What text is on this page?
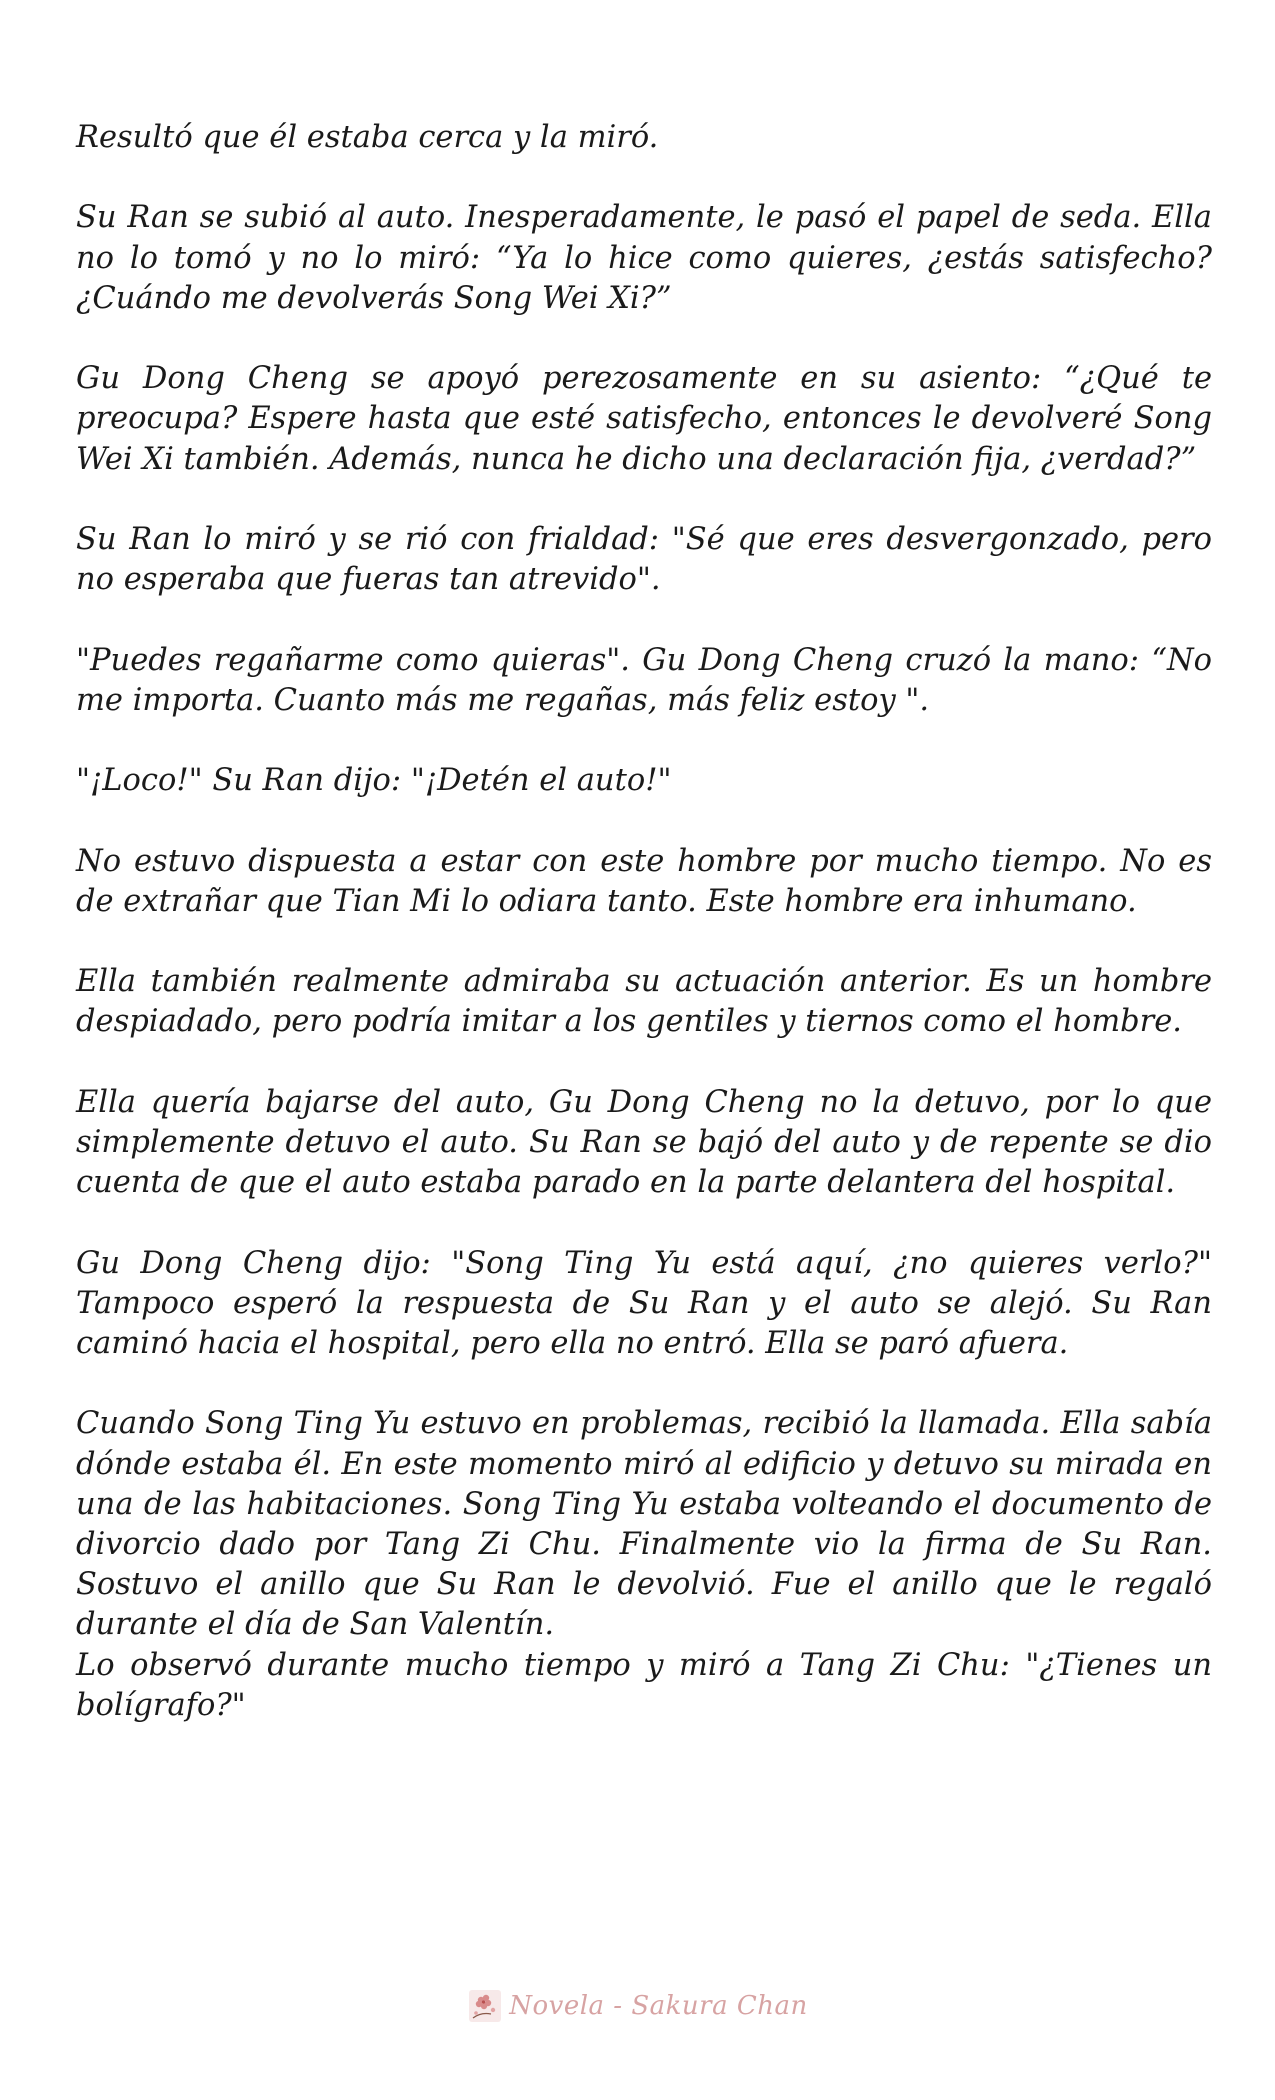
Resultó que él estaba cerca y la miró.

Su Ran se subió al auto. Inesperadamente, le pasó el papel de seda. Ella no lo tomó y no lo miró: “Ya lo hice como quieres, ¿estás satisfecho? ¿Cuándo me devolverás Song Wei Xi?”

Gu Dong Cheng se apoyó perezosamente en su asiento: “¿Qué te preocupa? Espere hasta que esté satisfecho, entonces le devolveré Song Wei Xi también. Además, nunca he dicho una declaración fija, ¿verdad?”

Su Ran lo miró y se rió con frialdad: "Sé que eres desvergonzado, pero no esperaba que fueras tan atrevido".

"Puedes regañarme como quieras". Gu Dong Cheng cruzó la mano: “No me importa. Cuanto más me regañas, más feliz estoy ".

"¡Loco!" Su Ran dijo: "¡Detén el auto!"

No estuvo dispuesta a estar con este hombre por mucho tiempo. No es de extrañar que Tian Mi lo odiara tanto. Este hombre era inhumano.

Ella también realmente admiraba su actuación anterior. Es un hombre despiadado, pero podría imitar a los gentiles y tiernos como el hombre.

Ella quería bajarse del auto, Gu Dong Cheng no la detuvo, por lo que simplemente detuvo el auto. Su Ran se bajó del auto y de repente se dio cuenta de que el auto estaba parado en la parte delantera del hospital.

Gu Dong Cheng dijo: "Song Ting Yu está aquí, ¿no quieres verlo?" Tampoco esperó la respuesta de Su Ran y el auto se alejó. Su Ran caminó hacia el hospital, pero ella no entró. Ella se paró afuera.

Cuando Song Ting Yu estuvo en problemas, recibió la llamada. Ella sabía dónde estaba él. En este momento miró al edificio y detuvo su mirada en una de las habitaciones. Song Ting Yu estaba volteando el documento de divorcio dado por Tang Zi Chu. Finalmente vio la firma de Su Ran. Sostuvo el anillo que Su Ran le devolvió. Fue el anillo que le regaló durante el día de San Valentín.

Lo observó durante mucho tiempo y miró a Tang Zi Chu: "¿Tienes un bolígrafo?"

Novela - Sakura Chan
